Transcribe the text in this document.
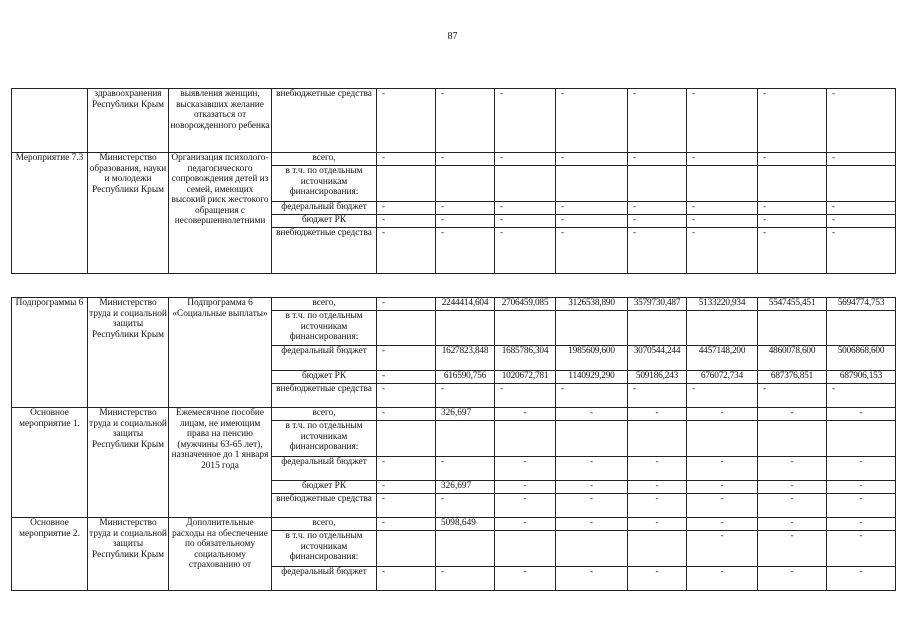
87
	здравоохранения Республики Крым	выявления женщин, высказавших желание отказаться от новорожденного ребенка	внебюджетные средства	-	-	-	-	-	-	-	-
Мероприятие 7.3	Министерство образования, науки и молодежи Республики Крым	Организация психолого-педагогического сопровождения детей из семей, имеющих высокий риск жестокого обращения с несовершеннолетними	всего,	-	-	-	-	-	-	-	-
			в т.ч. по отдельным источникам финансирования:								
			федеральный бюджет	-	-	-	-	-	-	-	-
			бюджет РК	-	-	-	-	-	-	-	-
			внебюджетные средства	-	-	-	-	-	-	-	-
Подпрограммы 6	Министерство труда и социальной защиты Республики Крым	Подпрограмма 6 «Социальные выплаты»	всего,	-	2244414,604	2706459,085	3126538,890	3579730,487	5133220,934	5547455,451	5694774,753
			в т.ч. по отдельным источникам финансирования:								
			федеральный бюджет	-	1627823,848	1685786,304	1985609,600	3070544,244	4457148,200	4860078,600	5006868,600
			бюджет РК	-	616590,756	1020672,781	1140929,290	509186,243	676072,734	687376,851	687906,153
			внебюджетные средства	-	-	-	-	-	-	-	-
Основное мероприятие 1.	Министерство труда и социальной защиты Республики Крым	Ежемесячное пособие лицам, не имеющим права на пенсию (мужчины 63-65 лет), назначенное до 1 января 2015 года	всего,	-	326,697	-	-	-	-	-	-
			в т.ч. по отдельным источникам финансирования:								
			федеральный бюджет	-	-	-	-	-	-	-	-
			бюджет РК	-	326,697	-	-	-	-	-	-
			внебюджетные средства	-	-	-	-	-	-	-	-
Основное мероприятие 2.	Министерство труда и социальной защиты Республики Крым	Дополнительные расходы на обеспечение по обязательному социальному страхованию от	всего,	-	5098,649	-	-	-	-	-	-
			в т.ч. по отдельным источникам финансирования:						-	-	-
			федеральный бюджет	-	-	-	-	-	-	-	-
